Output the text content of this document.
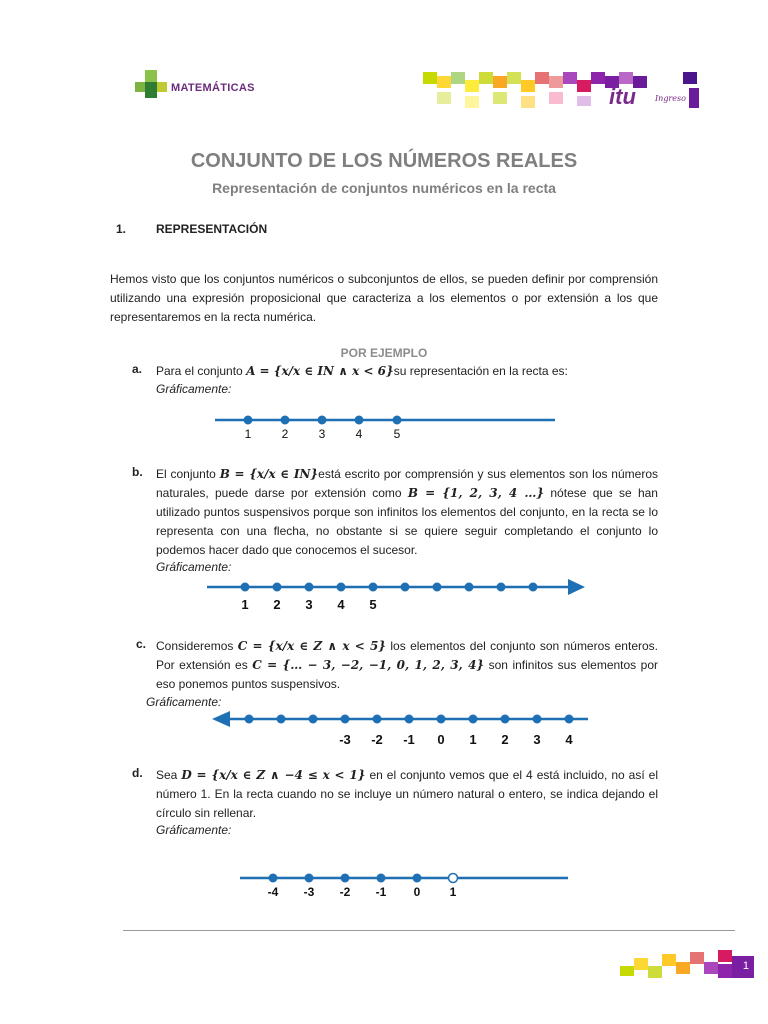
MATEMÁTICAS	itu Ingreso
CONJUNTO DE LOS NÚMEROS REALES
Representación de conjuntos numéricos en la recta
1. REPRESENTACIÓN
Hemos visto que los conjuntos numéricos o subconjuntos de ellos, se pueden definir por comprensión utilizando una expresión proposicional que caracteriza a los elementos o por extensión a los que representaremos en la recta numérica.
POR EJEMPLO
a. Para el conjunto A = {x/x ∈ IN ∧ x < 6}su representación en la recta es:
Gráficamente:
1	2	3	4	5
b. El conjunto B = {x/x ∈ IN}está escrito por comprensión y sus elementos son los números naturales, puede darse por extensión como B = {1, 2, 3, 4 …} nótese que se han utilizado puntos suspensivos porque son infinitos los elementos del conjunto, en la recta se lo representa con una flecha, no obstante si se quiere seguir completando el conjunto lo podemos hacer dado que conocemos el sucesor.
Gráficamente:
1 2 3 4 5
c. Consideremos C = {x/x ∈ Z ∧ x < 5} los elementos del conjunto son números enteros. Por extensión es C = {… − 3, −2, −1, 0, 1, 2, 3, 4} son infinitos sus elementos por eso ponemos puntos suspensivos.
Gráficamente:
-3 -2 -1 0 1 2 3 4
d. Sea D = {x/x ∈ Z ∧ −4 ≤ x < 1} en el conjunto vemos que el 4 está incluido, no así el número 1. En la recta cuando no se incluye un número natural o entero, se indica dejando el círculo sin rellenar.
Gráficamente:
-4 -3 -2 -1 0 1
1
